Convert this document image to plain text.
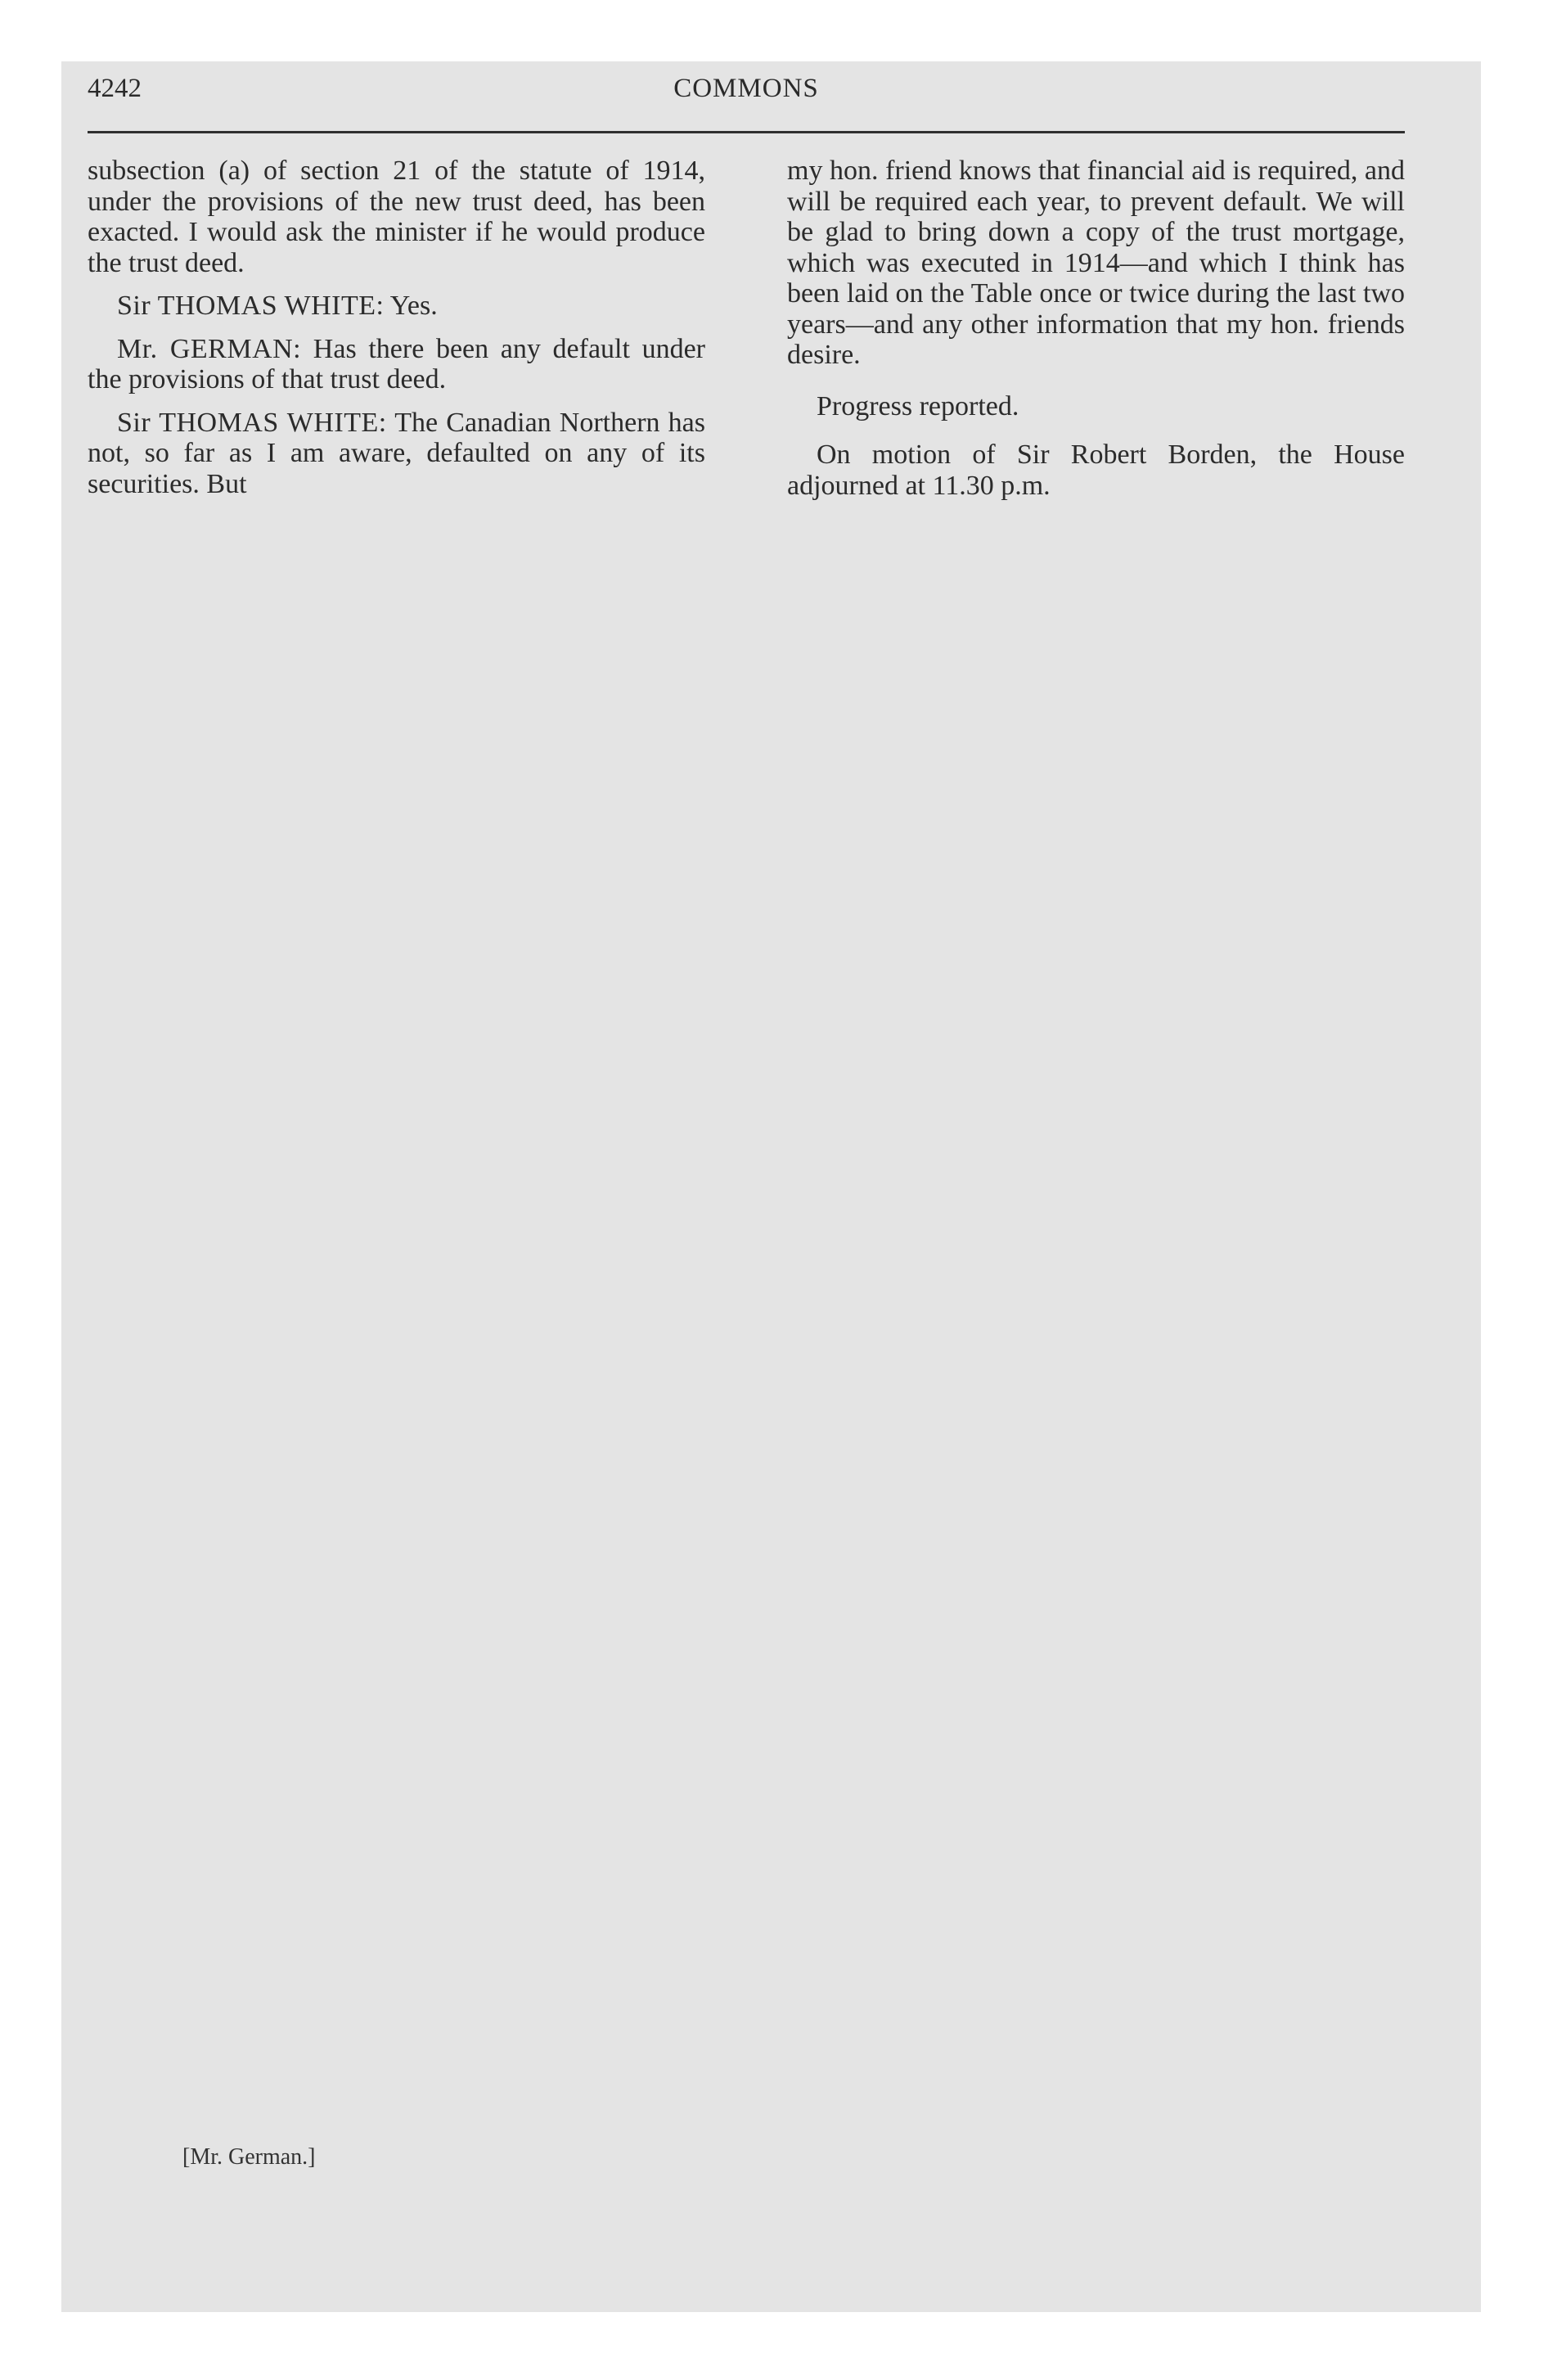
4242	COMMONS

subsection (a) of section 21 of the statute of 1914, under the provisions of the new trust deed, has been exacted. I would ask the minister if he would produce the trust deed.

Sir THOMAS WHITE: Yes.

Mr. GERMAN: Has there been any default under the provisions of that trust deed.

Sir THOMAS WHITE: The Canadian Northern has not, so far as I am aware, defaulted on any of its securities. But

my hon. friend knows that financial aid is required, and will be required each year, to prevent default. We will be glad to bring down a copy of the trust mortgage, which was executed in 1914—and which I think has been laid on the Table once or twice during the last two years—and any other information that my hon. friends desire.

Progress reported.

On motion of Sir Robert Borden, the House adjourned at 11.30 p.m.

[Mr. German.]
